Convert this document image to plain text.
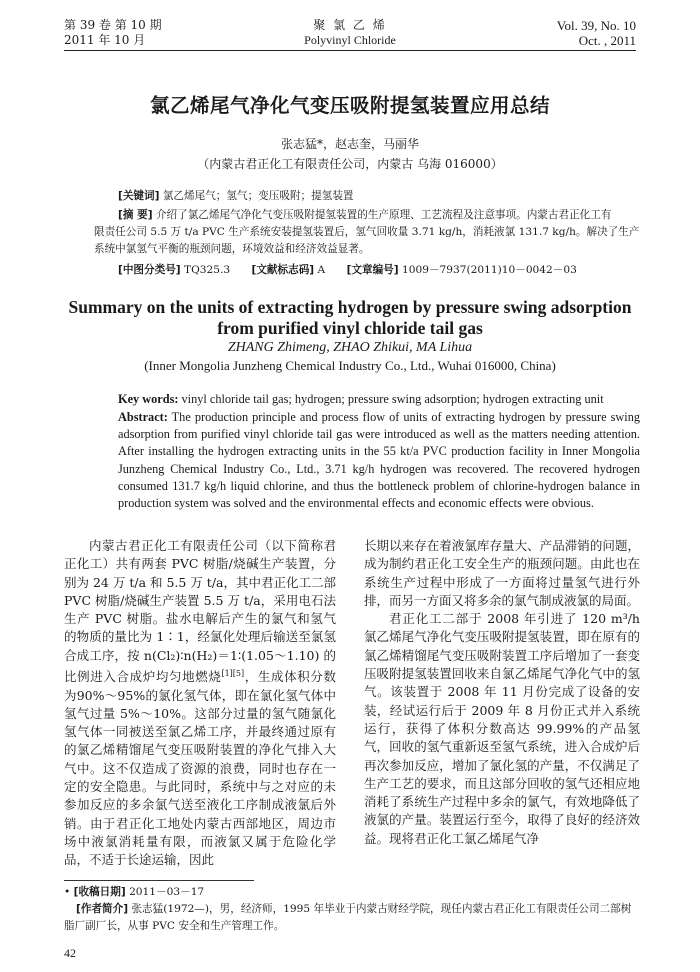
第 39 卷 第 10 期
2011 年 10 月
聚 氯 乙 烯
Polyvinyl Chloride
Vol. 39, No. 10
Oct. , 2011
氯乙烯尾气净化气变压吸附提氢装置应用总结
张志猛*，赵志奎，马丽华
（内蒙古君正化工有限责任公司，内蒙古 乌海 016000）
[关键词] 氯乙烯尾气；氢气；变压吸附；提氢装置
[摘 要] 介绍了氯乙烯尾气净化气变压吸附提氢装置的生产原理、工艺流程及注意事项。内蒙古君正化工有
限责任公司 5.5 万 t/a PVC 生产系统安装提氢装置后，氢气回收量 3.71 kg/h，消耗液氯 131.7 kg/h。解决了生产
系统中氯氢气平衡的瓶颈问题，环境效益和经济效益显著。
[中图分类号] TQ325.3 [文献标志码] A [文章编号] 1009－7937(2011)10－0042－03
Summary on the units of extracting hydrogen by pressure swing adsorption
from purified vinyl chloride tail gas
ZHANG Zhimeng, ZHAO Zhikui, MA Lihua
(Inner Mongolia Junzheng Chemical Industry Co., Ltd., Wuhai 016000, China)
Key words: vinyl chloride tail gas; hydrogen; pressure swing adsorption; hydrogen extracting unit
Abstract: The production principle and process flow of units of extracting hydrogen by pressure swing adsorption from purified vinyl chloride tail gas were introduced as well as the matters needing attention. After installing the hydrogen extracting units in the 55 kt/a PVC production facility in Inner Mongolia Junzheng Chemical Industry Co., Ltd., 3.71 kg/h hydrogen was recovered. The recovered hydrogen consumed 131.7 kg/h liquid chlorine, and thus the bottleneck problem of chlorine-hydrogen balance in production system was solved and the environmental effects and economic effects were obvious.

内蒙古君正化工有限责任公司（以下简称君正化工）共有两套 PVC 树脂/烧碱生产装置，分别为 24 万 t/a 和 5.5 万 t/a，其中君正化工二部 PVC 树脂/烧碱生产装置 5.5 万 t/a，采用电石法生产 PVC 树脂。盐水电解后产生的氯气和氢气的物质的量比为 1∶1，经氯化处理后输送至氯氢合成工序，按 n(Cl₂)∶n(H₂)＝1∶(1.05～1.10) 的比例进入合成炉均匀地燃烧[1][5]，生成体积分数为90%～95%的氯化氢气体，即在氯化氢气体中氢气过量 5%～10%。这部分过量的氢气随氯化氢气体一同被送至氯乙烯工序，并最终通过原有的氯乙烯精馏尾气变压吸附装置的净化气排入大气中。这不仅造成了资源的浪费，同时也存在一定的安全隐患。与此同时，系统中与之对应的未参加反应的多余氯气送至液化工序制成液氯后外销。由于君正化工地处内蒙古西部地区，周边市场中液氯消耗量有限，而液氯又属于危险化学品，不适于长途运输，因此

长期以来存在着液氯库存量大、产品滞销的问题，成为制约君正化工安全生产的瓶颈问题。由此也在系统生产过程中形成了一方面将过量氢气进行外排，而另一方面又将多余的氯气制成液氯的局面。

君正化工二部于 2008 年引进了 120 m³/h 氯乙烯尾气净化气变压吸附提氢装置，即在原有的氯乙烯精馏尾气变压吸附装置工序后增加了一套变压吸附提氢装置回收来自氯乙烯尾气净化气中的氢气。该装置于 2008 年 11 月份完成了设备的安装，经试运行后于 2009 年 8 月份正式并入系统运行，获得了体积分数高达 99.99%的产品氢气，回收的氢气重新返至氢气系统，进入合成炉后再次参加反应，增加了氯化氢的产量，不仅满足了生产工艺的要求，而且这部分回收的氢气还相应地消耗了系统生产过程中多余的氯气，有效地降低了液氯的产量。装置运行至今，取得了良好的经济效益。现将君正化工氯乙烯尾气净

• [收稿日期] 2011－03－17
[作者简介] 张志猛(1972—)，男，经济师，1995 年毕业于内蒙古财经学院，现任内蒙古君正化工有限责任公司二部树
脂厂副厂长，从事 PVC 安全和生产管理工作。
42
